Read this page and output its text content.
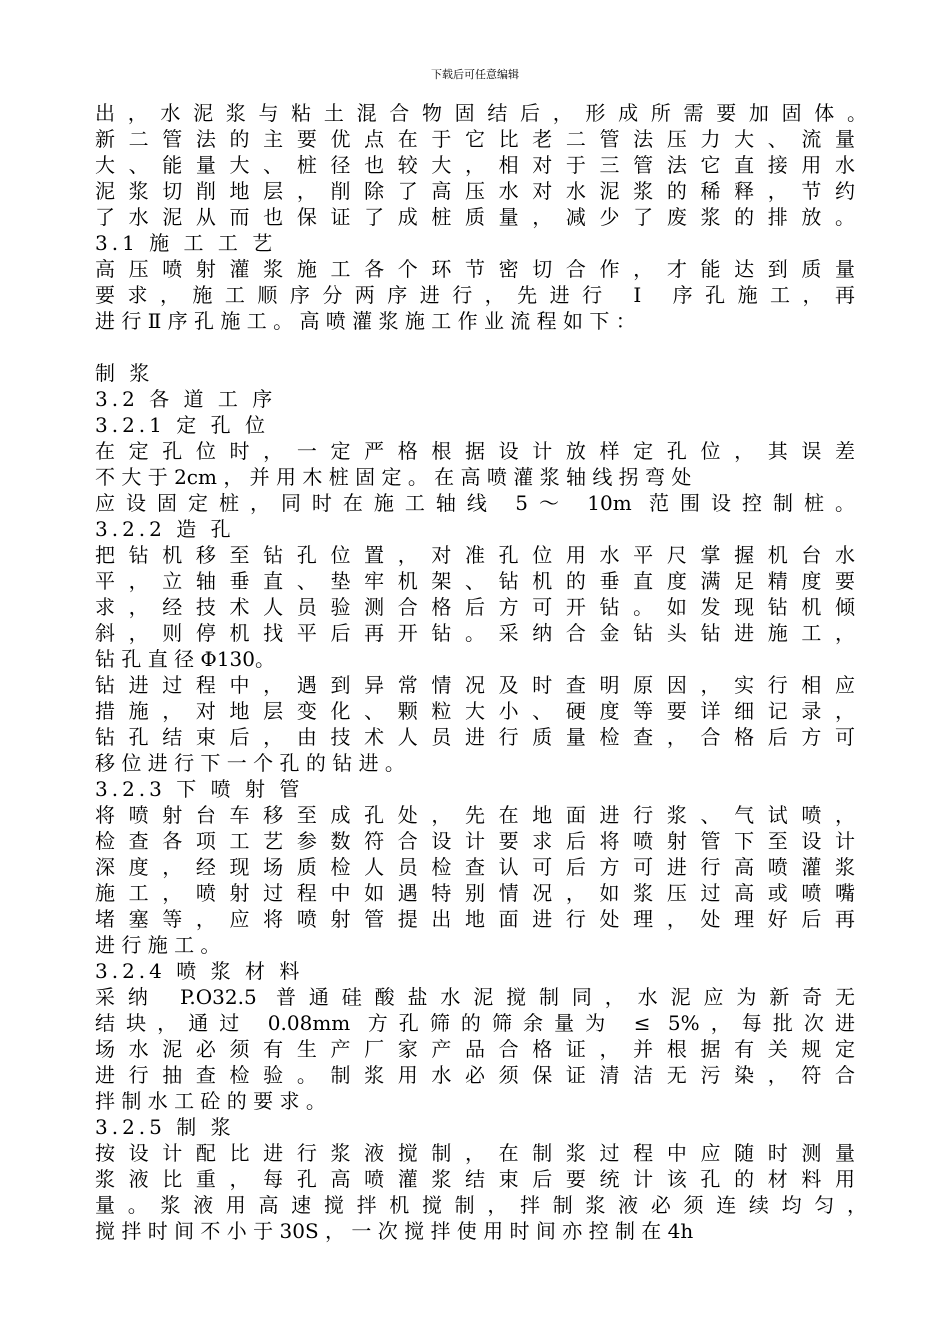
下载后可任意编辑
出，水泥浆与粘土混合物固结后，形成所需要加固体。
新二管法的主要优点在于它比老二管法压力大、流量
大、能量大、桩径也较大，相对于三管法它直接用水
泥浆切削地层，削除了高压水对水泥浆的稀释，节约
了水泥从而也保证了成桩质量，减少了废浆的排放。
3.1 施 工 工 艺
高压喷射灌浆施工各个环节密切合作，才能达到质量
要求，施工顺序分两序进行，先进行 Ⅰ 序孔施工，再
进 行 Ⅱ 序 孔 施 工 。 高 喷 灌 浆 施 工 作 业 流 程 如 下 ：
制 浆
3.2 各 道 工 序
3.2.1 定 孔 位
在定孔位时，一定严格根据设计放样定孔位，其误差
不 大 于 2cm ， 并 用 木 桩 固 定 。 在 高 喷 灌 浆 轴 线 拐 弯 处
应设固定桩，同时在施工轴线 5～ 10m 范围设控制桩。
3.2.2 造 孔
把钻机移至钻孔位置，对准孔位用水平尺掌握机台水
平，立轴垂直、垫牢机架、钻机的垂直度满足精度要
求，经技术人员验测合格后方可开钻。如发现钻机倾
斜，则停机找平后再开钻。采纳合金钻头钻进施工，
钻 孔 直 径 Φ130。
钻进过程中，遇到异常情况及时查明原因，实行相应
措施，对地层变化、颗粒大小、硬度等要详细记录，
钻孔结束后，由技术人员进行质量检查，合格后方可
移 位 进 行 下 一 个 孔 的 钻 进 。
3.2.3 下 喷 射 管
将喷射台车移至成孔处，先在地面进行浆、气试喷，
检查各项工艺参数符合设计要求后将喷射管下至设计
深度，经现场质检人员检查认可后方可进行高喷灌浆
施工，喷射过程中如遇特别情况，如浆压过高或喷嘴
堵塞等，应将喷射管提出地面进行处理，处理好后再
进 行 施 工 。
3.2.4 喷 浆 材 料
采纳 P.O32.5 普通硅酸盐水泥搅制同，水泥应为新奇无
结块，通过 0.08mm 方孔筛的筛余量为 ≤ 5%，每批次进
场水泥必须有生产厂家产品合格证，并根据有关规定
进行抽查检验。制浆用水必须保证清洁无污染，符合
拌 制 水 工 砼 的 要 求 。
3.2.5 制 浆
按设计配比进行浆液搅制，在制浆过程中应随时测量
浆液比重，每孔高喷灌浆结束后要统计该孔的材料用
量。浆液用高速搅拌机搅制，拌制浆液必须连续均匀，
搅 拌 时 间 不 小 于 30S ， 一 次 搅 拌 使 用 时 间 亦 控 制 在 4h
